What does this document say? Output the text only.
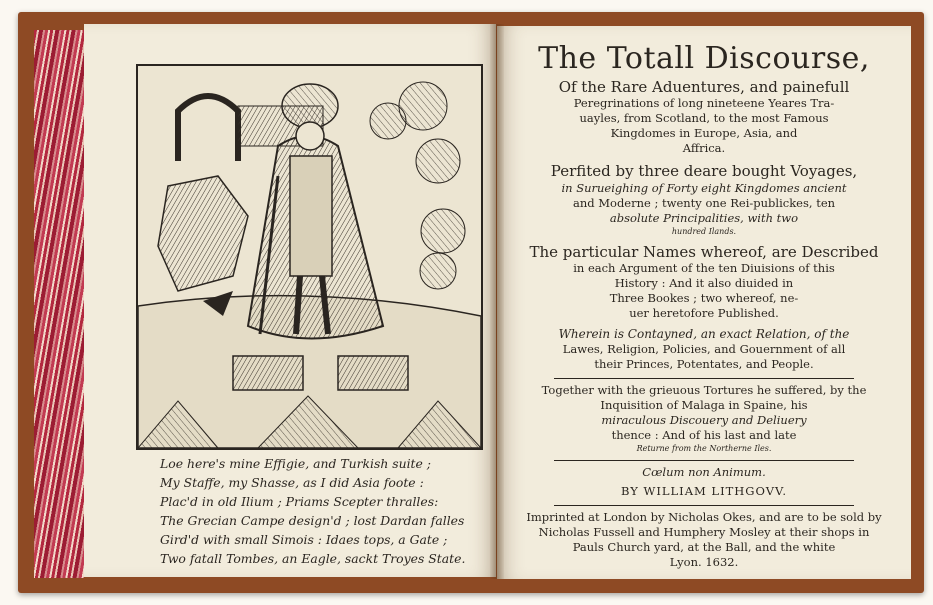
Loe here's mine Effigie, and Turkish suite ;
My Staffe, my Shasse, as I did Asia foote :
Plac'd in old Ilium ; Priams Scepter thralles:
The Grecian Campe design'd ; lost Dardan falles
Gird'd with small Simois : Idaes tops, a Gate ;
Two fatall Tombes, an Eagle, sackt Troyes State.
The Totall Discourse,
Of the Rare Aduentures, and painefull
Peregrinations of long nineteene Yeares Tra-
uayles, from Scotland, to the most Famous
Kingdomes in Europe, Asia, and
Affrica.
Perfited by three deare bought Voyages,
in Surueighing of Forty eight Kingdomes ancient
and Moderne ; twenty one Rei-publickes, ten
absolute Principalities, with two
hundred Ilands.
The particular Names whereof, are Described
in each Argument of the ten Diuisions of this
History : And it also diuided in
Three Bookes ; two whereof, ne-
uer heretofore Published.
Wherein is Contayned, an exact Relation, of the
Lawes, Religion, Policies, and Gouernment of all
their Princes, Potentates, and People.
Together with the grieuous Tortures he suffered, by the
Inquisition of Malaga in Spaine, his
miraculous Discouery and Deliuery
thence : And of his last and late
Returne from the Northerne Iles.
Cœlum non Animum.
BY WILLIAM LITHGOVV.
Imprinted at London by Nicholas Okes, and are to be sold by
Nicholas Fussell and Humphery Mosley at their shops in
Pauls Church yard, at the Ball, and the white
Lyon. 1632.
